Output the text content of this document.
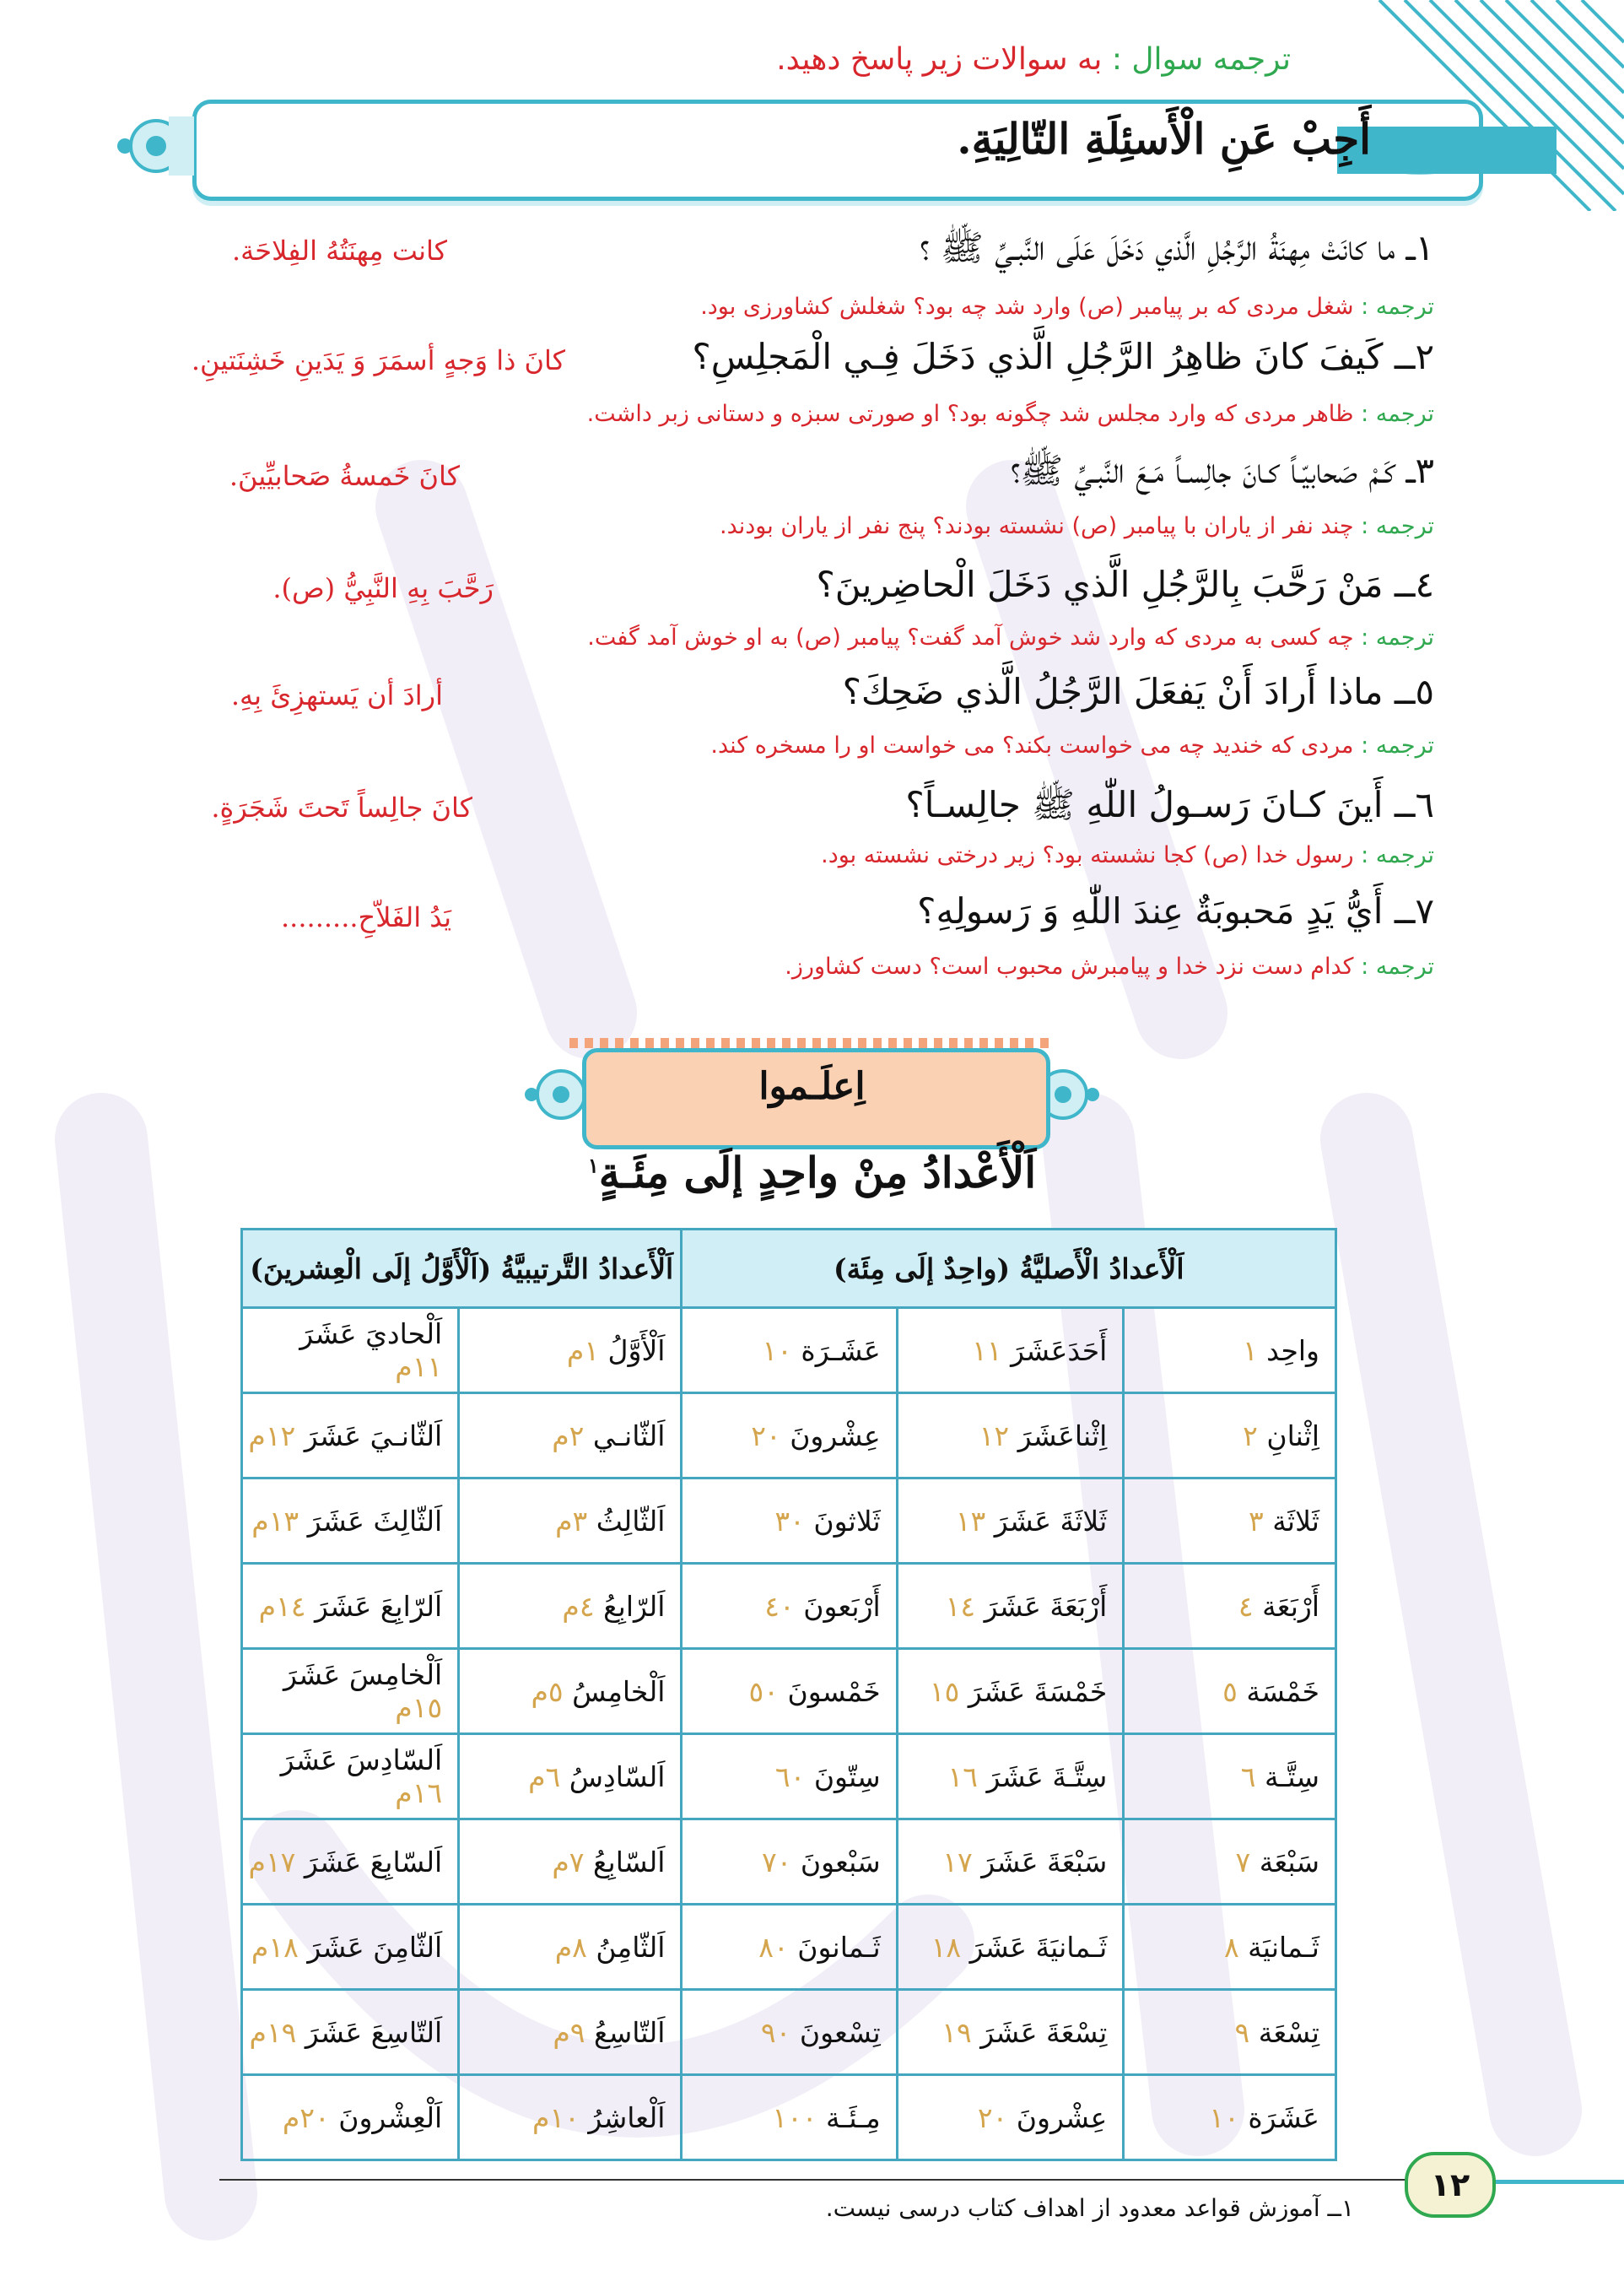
ترجمه سوال : به سوالات زیر پاسخ دهید.
أَجِبْ عَنِ الْأَسئِلَةِ التّالِيَةِ.
١ــ ما كانَتْ مِهنَةُ الرَّجُلِ الَّذي دَخَلَ عَلَى النَّبـيِّ ﷺ ؟
كانت مِهنَتُهُ الفِلاحَة.
ترجمه : شغل مردی که بر پیامبر (ص) وارد شد چه بود؟ شغلش کشاورزی بود.
٢ــ كَيفَ كانَ ظاهِرُ الرَّجُلِ الَّذي دَخَلَ فِـي الْمَجلِسِ؟
كانَ ذا وَجهٍ أسمَرَ وَ يَدَينِ خَشِنَتينِ.
ترجمه : ظاهر مردی که وارد مجلس شد چگونه بود؟ او صورتی سبزه و دستانی زبر داشت.
٣ــ كَـمْ صَحابيّـاً كـانَ جالِسـاً مَـعَ النَّبـيِّ ﷺ؟
كانَ خَمسةُ صَحابيِّينَ.
ترجمه : چند نفر از یاران با پیامبر (ص) نشسته بودند؟ پنج نفر از یاران بودند.
٤ــ مَنْ رَحَّبَ بِالرَّجُلِ الَّذي دَخَلَ الْحاضِرينَ؟
رَحَّبَ بِهِ النَّبِيُّ (ص).
ترجمه : چه کسی به مردی که وارد شد خوش آمد گفت؟ پیامبر (ص) به او خوش آمد گفت.
٥ــ ماذا أَرادَ أَنْ يَفعَلَ الرَّجُلُ الَّذي ضَحِكَ؟
أرادَ أن يَستهزِئَ بِهِ.
ترجمه : مردی که خندید چه می خواست بکند؟ می خواست او را مسخره کند.
٦ــ أَينَ كـانَ رَسـولُ اللّٰهِ ﷺ جالِسـاً؟
كانَ جالِساً تَحتَ شَجَرَةٍ.
ترجمه : رسول خدا (ص) کجا نشسته بود؟ زیر درختی نشسته بود.
٧ــ أَيُّ يَدٍ مَحبوبَةٌ عِندَ اللّٰهِ وَ رَسولِهِ؟
يَدُ الفَلاّحِ.........
ترجمه : کدام دست نزد خدا و پیامبرش محبوب است؟ دست کشاورز.
اِعلَـموا
اَلْأَعْدادُ مِنْ واحِدٍ إلَى مِئَـةٍ$^١$
اَلْأَعدادُ الْأَصليَّةُ (واحِدٌ إلَى مِئَة)			اَلْأَعدادُ التَّرتيبيَّةُ (اَلْأَوَّلُ إلَى الْعِشرينَ)	
واحِد ١	أَحَدَعَشَرَ ١١	عَشَـرَة ١٠	اَلْأَوَّلُ ١م	اَلْحاديَ عَشَرَ ١١م
اِثْنانِ ٢	اِثْناعَشَرَ ١٢	عِشْرونَ ٢٠	اَلثّانـي ٢م	اَلثّانـيَ عَشَرَ ١٢م
ثَلاثَة ٣	ثَلاثَةَ عَشَرَ ١٣	ثَلاثونَ ٣٠	اَلثّالِثُ ٣م	اَلثّالِثَ عَشَرَ ١٣م
أَرْبَعَة ٤	أَرْبَعَةَ عَشَرَ ١٤	أَرْبَعونَ ٤٠	اَلرّابِعُ ٤م	اَلرّابِعَ عَشَرَ ١٤م
خَمْسَة ٥	خَمْسَةَ عَشَرَ ١٥	خَمْسونَ ٥٠	اَلْخامِسُ ٥م	اَلْخامِسَ عَشَرَ ١٥م
سِتَّـة ٦	سِتَّـةَ عَشَرَ ١٦	سِتّونَ ٦٠	اَلسّادِسُ ٦م	اَلسّادِسَ عَشَرَ ١٦م
سَبْعَة ٧	سَبْعَةَ عَشَرَ ١٧	سَبْعونَ ٧٠	اَلسّابِعُ ٧م	اَلسّابِعَ عَشَرَ ١٧م
ثَـمانيَة ٨	ثَـمانيَةَ عَشَرَ ١٨	ثَـمانونَ ٨٠	اَلثّامِنُ ٨م	اَلثّامِنَ عَشَرَ ١٨م
تِسْعَة ٩	تِسْعَةَ عَشَرَ ١٩	تِسْعونَ ٩٠	اَلتّاسِعُ ٩م	اَلتّاسِعَ عَشَرَ ١٩م
عَشَرَة ١٠	عِشْرونَ ٢٠	مِـئَـة ١٠٠	اَلْعاشِرُ ١٠م	اَلْعِشْرونَ ٢٠م
۱۲
۱ــ آموزش قواعد معدود از اهداف کتاب درسی نیست.
